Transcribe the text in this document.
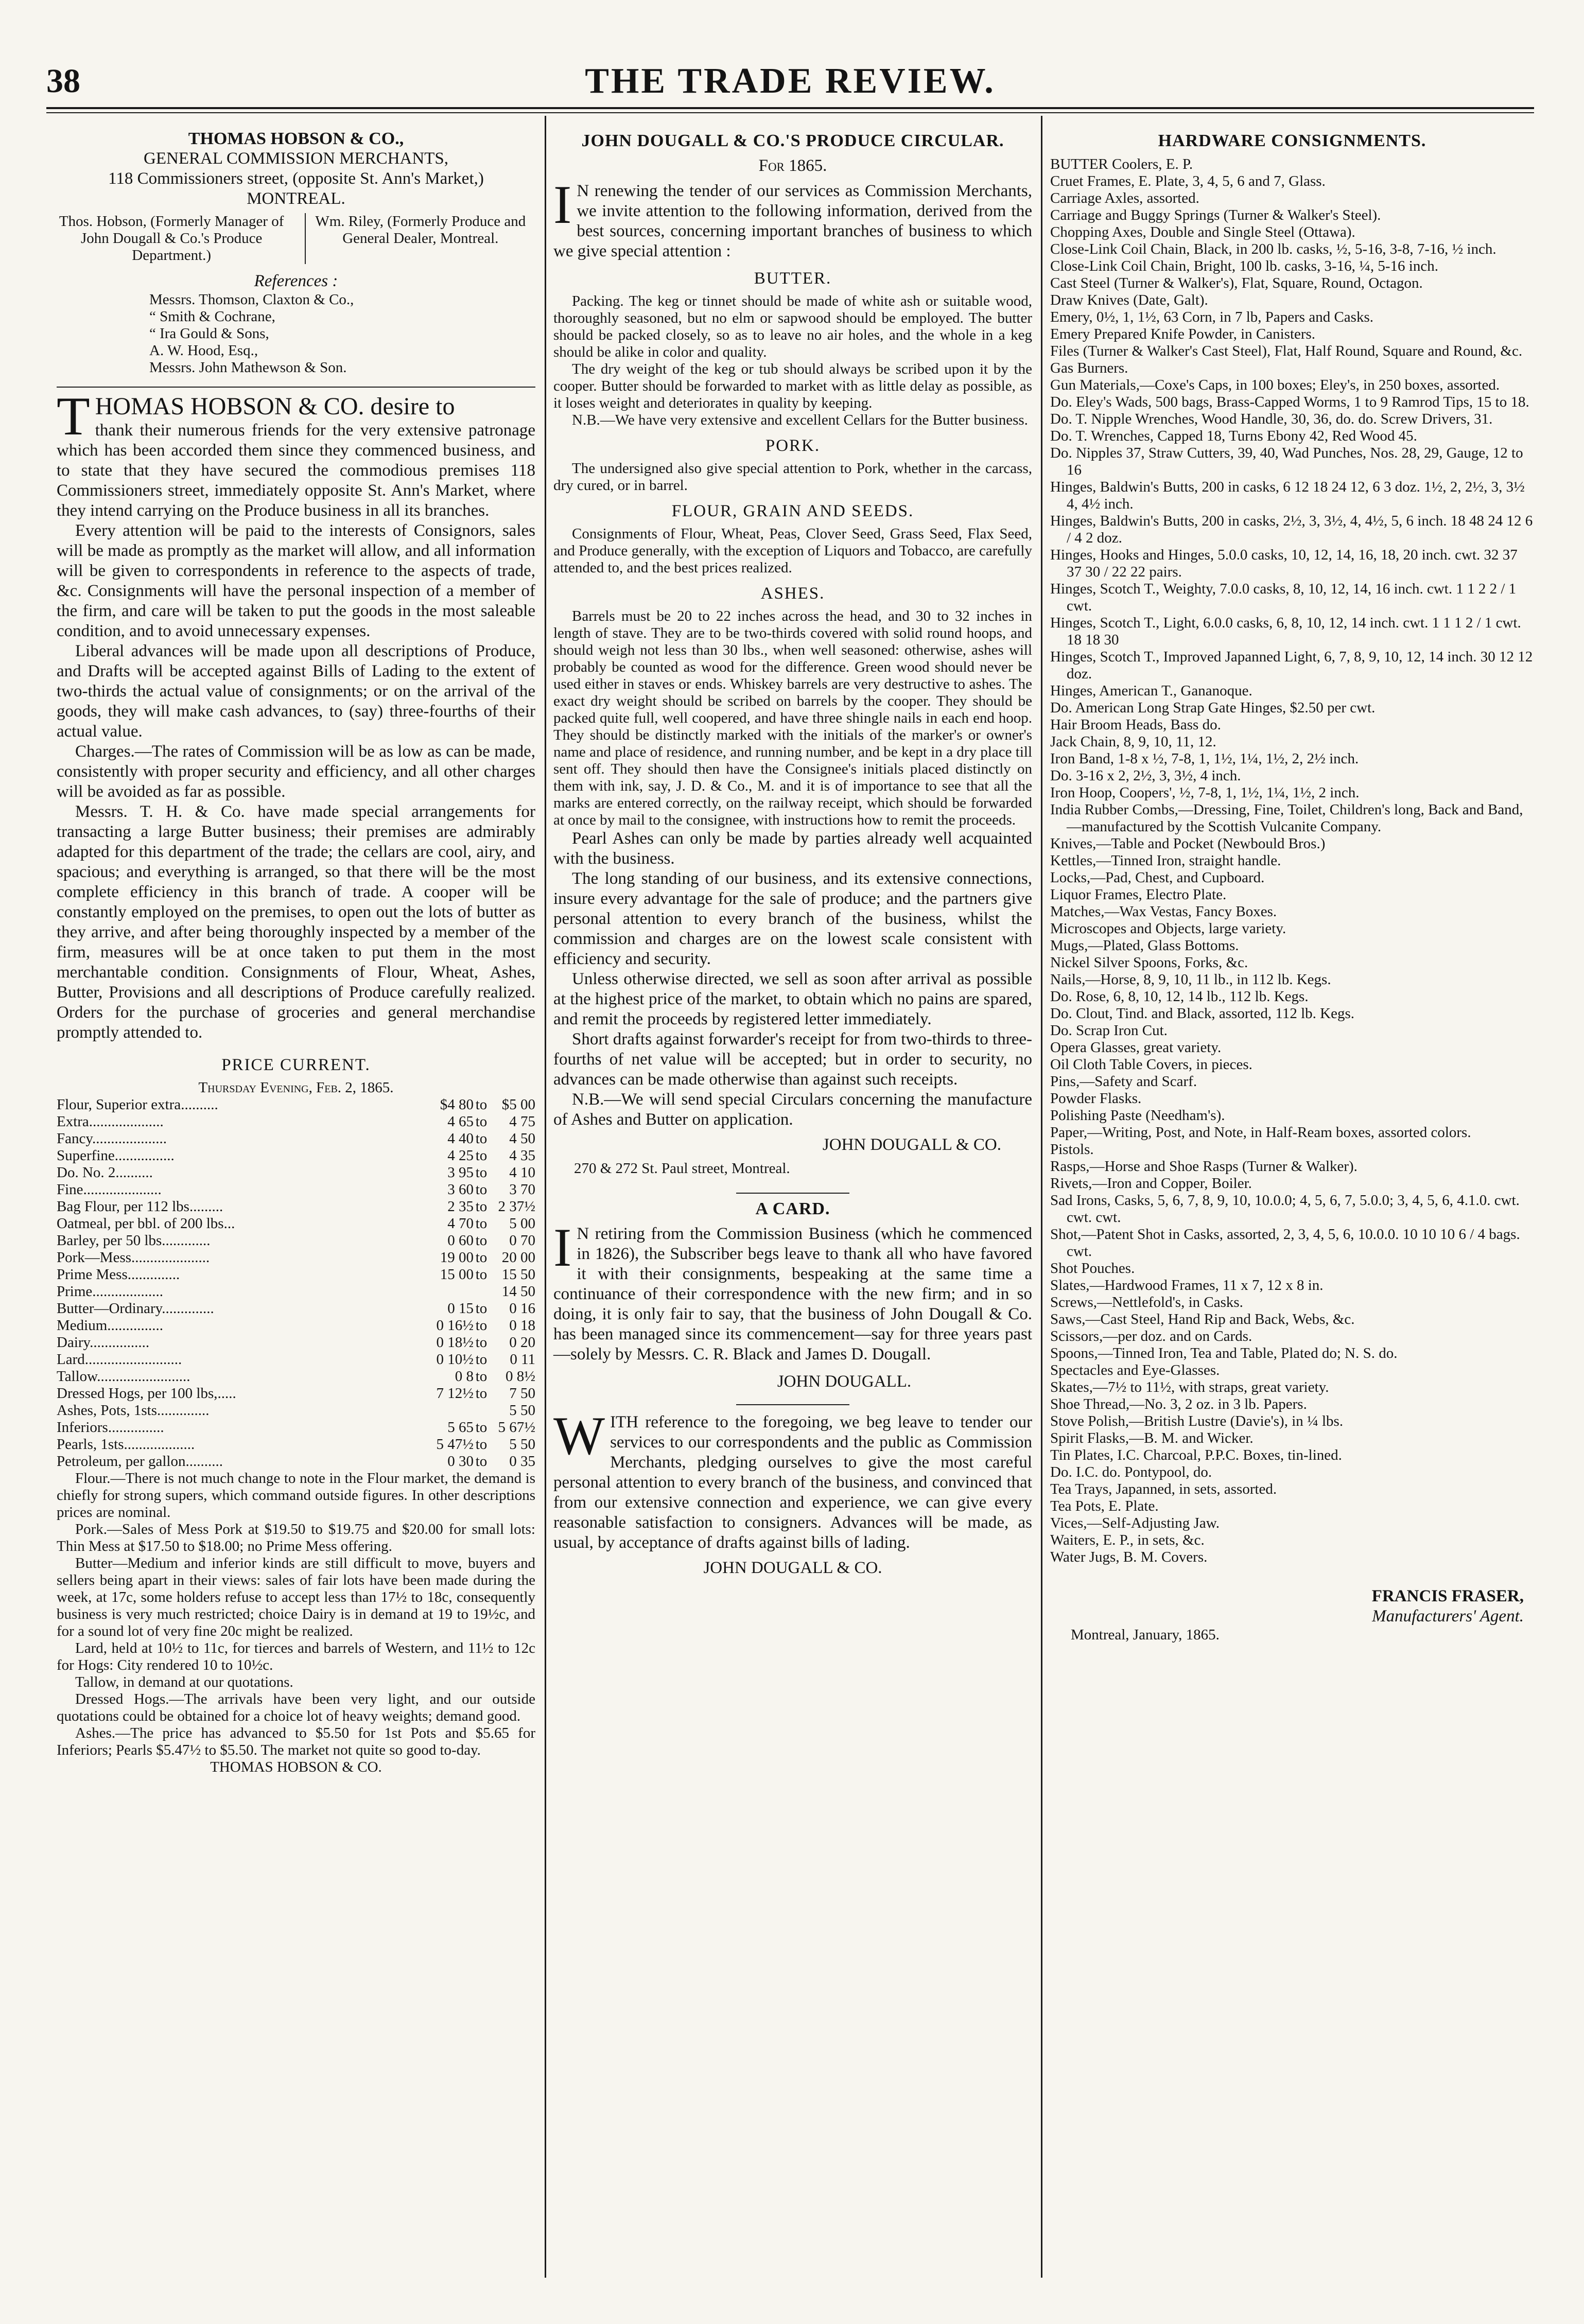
38	THE TRADE REVIEW.
THOMAS HOBSON & CO.,
GENERAL COMMISSION MERCHANTS,
118 Commissioners street, (opposite St. Ann's Market,)
MONTREAL.
Thos. Hobson, (Formerly Manager of John Dougall & Co.'s Produce Department.)
Wm. Riley, (Formerly Produce and General Dealer, Montreal.
References :
Messrs. Thomson, Claxton & Co.,
“ Smith & Cochrane,
“ Ira Gould & Sons,
A. W. Hood, Esq.,
Messrs. John Mathewson & Son.
THOMAS HOBSON & CO. desire to

thank their numerous friends for the very extensive patronage which has been accorded them since they commenced business, and to state that they have secured the commodious premises 118 Commissioners street, immediately opposite St. Ann's Market, where they intend carrying on the Produce business in all its branches.

Every attention will be paid to the interests of Consignors, sales will be made as promptly as the market will allow, and all information will be given to correspondents in reference to the aspects of trade, &c. Consignments will have the personal inspection of a member of the firm, and care will be taken to put the goods in the most saleable condition, and to avoid unnecessary expenses.

Liberal advances will be made upon all descriptions of Produce, and Drafts will be accepted against Bills of Lading to the extent of two-thirds the actual value of consignments; or on the arrival of the goods, they will make cash advances, to (say) three-fourths of their actual value.

Charges.—The rates of Commission will be as low as can be made, consistently with proper security and efficiency, and all other charges will be avoided as far as possible.

Messrs. T. H. & Co. have made special arrangements for transacting a large Butter business; their premises are admirably adapted for this department of the trade; the cellars are cool, airy, and spacious; and everything is arranged, so that there will be the most complete efficiency in this branch of trade. A cooper will be constantly employed on the premises, to open out the lots of butter as they arrive, and after being thoroughly inspected by a member of the firm, measures will be at once taken to put them in the most merchantable condition. Consignments of Flour, Wheat, Ashes, Butter, Provisions and all descriptions of Produce carefully realized. Orders for the purchase of groceries and general merchandise promptly attended to.

PRICE CURRENT.
Thursday Evening, Feb. 2, 1865.
Flour, Superior extra..........	$4 80	to	$5 00
Extra....................	4 65	to	4 75
Fancy....................	4 40	to	4 50
Superfine................	4 25	to	4 35
Do. No. 2..........	3 95	to	4 10
Fine.....................	3 60	to	3 70
Bag Flour, per 112 lbs.........	2 35	to	2 37½
Oatmeal, per bbl. of 200 lbs...	4 70	to	5 00
Barley, per 50 lbs.............	0 60	to	0 70
Pork—Mess.....................	19 00	to	20 00
Prime Mess..............	15 00	to	15 50
Prime...................			14 50
Butter—Ordinary..............	0 15	to	0 16
Medium...............	0 16½	to	0 18
Dairy................	0 18½	to	0 20
Lard..........................	0 10½	to	0 11
Tallow.........................	0 8	to	0 8½
Dressed Hogs, per 100 lbs,.....	7 12½	to	7 50
Ashes, Pots, 1sts..............			5 50
Inferiors...............	5 65	to	5 67½
Pearls, 1sts...................	5 47½	to	5 50
Petroleum, per gallon..........	0 30	to	0 35

Flour.—There is not much change to note in the Flour market, the demand is chiefly for strong supers, which command outside figures. In other descriptions prices are nominal.

Pork.—Sales of Mess Pork at $19.50 to $19.75 and $20.00 for small lots: Thin Mess at $17.50 to $18.00; no Prime Mess offering.

Butter—Medium and inferior kinds are still difficult to move, buyers and sellers being apart in their views: sales of fair lots have been made during the week, at 17c, some holders refuse to accept less than 17½ to 18c, consequently business is very much restricted; choice Dairy is in demand at 19 to 19½c, and for a sound lot of very fine 20c might be realized.

Lard, held at 10½ to 11c, for tierces and barrels of Western, and 11½ to 12c for Hogs: City rendered 10 to 10½c.

Tallow, in demand at our quotations.

Dressed Hogs.—The arrivals have been very light, and our outside quotations could be obtained for a choice lot of heavy weights; demand good.

Ashes.—The price has advanced to $5.50 for 1st Pots and $5.65 for Inferiors; Pearls $5.47½ to $5.50. The market not quite so good to-day.

THOMAS HOBSON & CO.
JOHN DOUGALL & CO.'S PRODUCE CIRCULAR.
For 1865.
I N renewing the tender of our services as Commission Merchants, we invite attention to the following information, derived from the best sources, concerning important branches of business to which we give special attention :
BUTTER.

Packing. The keg or tinnet should be made of white ash or suitable wood, thoroughly seasoned, but no elm or sapwood should be employed. The butter should be packed closely, so as to leave no air holes, and the whole in a keg should be alike in color and quality.

The dry weight of the keg or tub should always be scribed upon it by the cooper. Butter should be forwarded to market with as little delay as possible, as it loses weight and deteriorates in quality by keeping.

N.B.—We have very extensive and excellent Cellars for the Butter business.

PORK.

The undersigned also give special attention to Pork, whether in the carcass, dry cured, or in barrel.

FLOUR, GRAIN AND SEEDS.

Consignments of Flour, Wheat, Peas, Clover Seed, Grass Seed, Flax Seed, and Produce generally, with the exception of Liquors and Tobacco, are carefully attended to, and the best prices realized.

ASHES.

Barrels must be 20 to 22 inches across the head, and 30 to 32 inches in length of stave. They are to be two-thirds covered with solid round hoops, and should weigh not less than 30 lbs., when well seasoned: otherwise, ashes will probably be counted as wood for the difference. Green wood should never be used either in staves or ends. Whiskey barrels are very destructive to ashes. The exact dry weight should be scribed on barrels by the cooper. They should be packed quite full, well coopered, and have three shingle nails in each end hoop. They should be distinctly marked with the initials of the marker's or owner's name and place of residence, and running number, and be kept in a dry place till sent off. They should then have the Consignee's initials placed distinctly on them with ink, say, J. D. & Co., M. and it is of importance to see that all the marks are entered correctly, on the railway receipt, which should be forwarded at once by mail to the consignee, with instructions how to remit the proceeds.

Pearl Ashes can only be made by parties already well acquainted with the business.

The long standing of our business, and its extensive connections, insure every advantage for the sale of produce; and the partners give personal attention to every branch of the business, whilst the commission and charges are on the lowest scale consistent with efficiency and security.

Unless otherwise directed, we sell as soon after arrival as possible at the highest price of the market, to obtain which no pains are spared, and remit the proceeds by registered letter immediately.

Short drafts against forwarder's receipt for from two-thirds to three-fourths of net value will be accepted; but in order to security, no advances can be made otherwise than against such receipts.

N.B.—We will send special Circulars concerning the manufacture of Ashes and Butter on application.

JOHN DOUGALL & CO.
270 & 272 St. Paul street, Montreal.
A CARD.
I N retiring from the Commission Business (which he commenced in 1826), the Subscriber begs leave to thank all who have favored it with their consignments, bespeaking at the same time a continuance of their correspondence with the new firm; and in so doing, it is only fair to say, that the business of John Dougall & Co. has been managed since its commencement—say for three years past—solely by Messrs. C. R. Black and James D. Dougall.
JOHN DOUGALL.
WITH reference to the foregoing, we beg leave to tender our services to our correspondents and the public as Commission Merchants, pledging ourselves to give the most careful personal attention to every branch of the business, and convinced that from our extensive connection and experience, we can give every reasonable satisfaction to consigners. Advances will be made, as usual, by acceptance of drafts against bills of lading.
JOHN DOUGALL & CO.
HARDWARE CONSIGNMENTS.
BUTTER Coolers, E. P.
Cruet Frames, E. Plate, 3, 4, 5, 6 and 7, Glass.
Carriage Axles, assorted.
Carriage and Buggy Springs (Turner & Walker's Steel).
Chopping Axes, Double and Single Steel (Ottawa).
Close-Link Coil Chain, Black, in 200 lb. casks, ½, 5-16, 3-8, 7-16, ½ inch.
Close-Link Coil Chain, Bright, 100 lb. casks, 3-16, ¼, 5-16 inch.
Cast Steel (Turner & Walker's), Flat, Square, Round, Octagon.
Draw Knives (Date, Galt).
Emery, 0½, 1, 1½, 63 Corn, in 7 lb, Papers and Casks.
Emery Prepared Knife Powder, in Canisters.
Files (Turner & Walker's Cast Steel), Flat, Half Round, Square and Round, &c.
Gas Burners.
Gun Materials,—Coxe's Caps, in 100 boxes; Eley's, in 250 boxes, assorted.
Do. Eley's Wads, 500 bags, Brass-Capped Worms, 1 to 9 Ramrod Tips, 15 to 18.
Do. T. Nipple Wrenches, Wood Handle, 30, 36, do. do. Screw Drivers, 31.
Do. T. Wrenches, Capped 18, Turns Ebony 42, Red Wood 45.
Do. Nipples 37, Straw Cutters, 39, 40, Wad Punches, Nos. 28, 29, Gauge, 12 to 16
Hinges, Baldwin's Butts, 200 in casks, 6 12 18 24 12, 6 3 doz. 1½, 2, 2½, 3, 3½ 4, 4½ inch.
Hinges, Baldwin's Butts, 200 in casks, 2½, 3, 3½, 4, 4½, 5, 6 inch. 18 48 24 12 6 / 4 2 doz.
Hinges, Hooks and Hinges, 5.0.0 casks, 10, 12, 14, 16, 18, 20 inch. cwt. 32 37 37 30 / 22 22 pairs.
Hinges, Scotch T., Weighty, 7.0.0 casks, 8, 10, 12, 14, 16 inch. cwt. 1 1 2 2 / 1 cwt.
Hinges, Scotch T., Light, 6.0.0 casks, 6, 8, 10, 12, 14 inch. cwt. 1 1 1 2 / 1 cwt. 18 18 30
Hinges, Scotch T., Improved Japanned Light, 6, 7, 8, 9, 10, 12, 14 inch. 30 12 12 doz.
Hinges, American T., Gananoque.
Do. American Long Strap Gate Hinges, $2.50 per cwt.
Hair Broom Heads, Bass do.
Jack Chain, 8, 9, 10, 11, 12.
Iron Band, 1-8 x ½, 7-8, 1, 1½, 1¼, 1½, 2, 2½ inch.
Do. 3-16 x 2, 2½, 3, 3½, 4 inch.
Iron Hoop, Coopers', ½, 7-8, 1, 1½, 1¼, 1½, 2 inch.
India Rubber Combs,—Dressing, Fine, Toilet, Children's long, Back and Band,—manufactured by the Scottish Vulcanite Company.
Knives,—Table and Pocket (Newbould Bros.)
Kettles,—Tinned Iron, straight handle.
Locks,—Pad, Chest, and Cupboard.
Liquor Frames, Electro Plate.
Matches,—Wax Vestas, Fancy Boxes.
Microscopes and Objects, large variety.
Mugs,—Plated, Glass Bottoms.
Nickel Silver Spoons, Forks, &c.
Nails,—Horse, 8, 9, 10, 11 lb., in 112 lb. Kegs.
Do. Rose, 6, 8, 10, 12, 14 lb., 112 lb. Kegs.
Do. Clout, Tind. and Black, assorted, 112 lb. Kegs.
Do. Scrap Iron Cut.
Opera Glasses, great variety.
Oil Cloth Table Covers, in pieces.
Pins,—Safety and Scarf.
Powder Flasks.
Polishing Paste (Needham's).
Paper,—Writing, Post, and Note, in Half-Ream boxes, assorted colors.
Pistols.
Rasps,—Horse and Shoe Rasps (Turner & Walker).
Rivets,—Iron and Copper, Boiler.
Sad Irons, Casks, 5, 6, 7, 8, 9, 10, 10.0.0; 4, 5, 6, 7, 5.0.0; 3, 4, 5, 6, 4.1.0. cwt. cwt. cwt.
Shot,—Patent Shot in Casks, assorted, 2, 3, 4, 5, 6, 10.0.0. 10 10 10 6 / 4 bags. cwt.
Shot Pouches.
Slates,—Hardwood Frames, 11 x 7, 12 x 8 in.
Screws,—Nettlefold's, in Casks.
Saws,—Cast Steel, Hand Rip and Back, Webs, &c.
Scissors,—per doz. and on Cards.
Spoons,—Tinned Iron, Tea and Table, Plated do; N. S. do.
Spectacles and Eye-Glasses.
Skates,—7½ to 11½, with straps, great variety.
Shoe Thread,—No. 3, 2 oz. in 3 lb. Papers.
Stove Polish,—British Lustre (Davie's), in ¼ lbs.
Spirit Flasks,—B. M. and Wicker.
Tin Plates, I.C. Charcoal, P.P.C. Boxes, tin-lined.
Do. I.C. do. Pontypool, do.
Tea Trays, Japanned, in sets, assorted.
Tea Pots, E. Plate.
Vices,—Self-Adjusting Jaw.
Waiters, E. P., in sets, &c.
Water Jugs, B. M. Covers.
FRANCIS FRASER,
Manufacturers' Agent.
Montreal, January, 1865.
